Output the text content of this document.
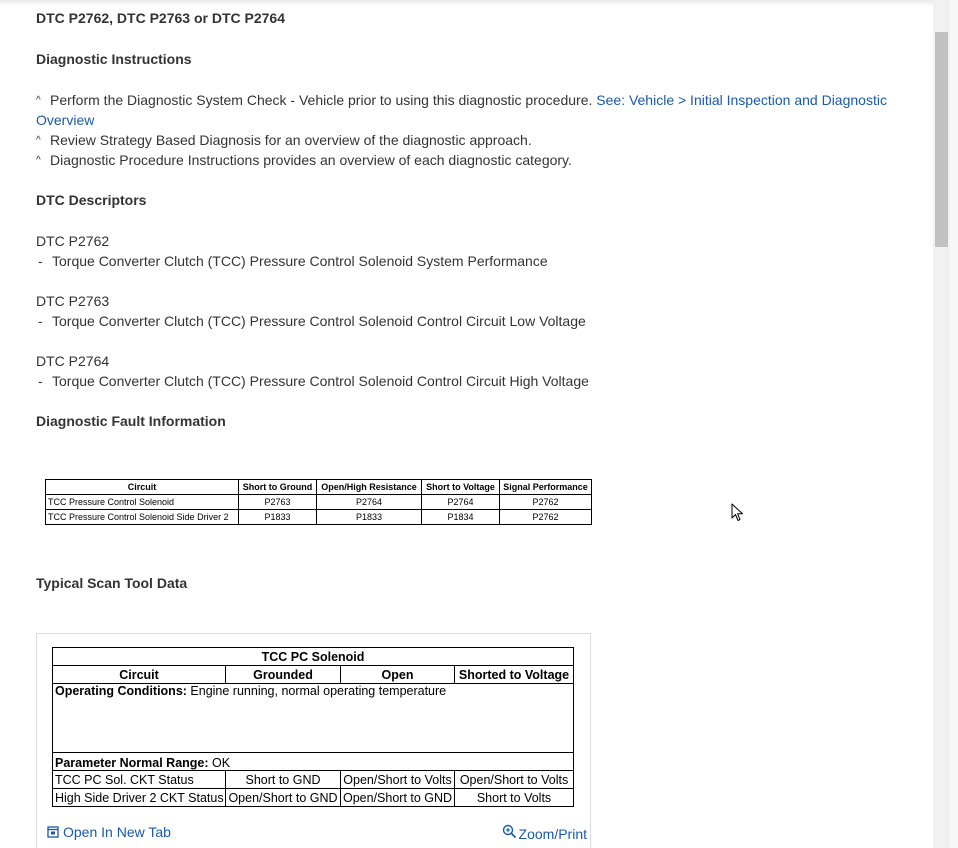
DTC P2762, DTC P2763 or DTC P2764
Diagnostic Instructions
^ Perform the Diagnostic System Check - Vehicle prior to using this diagnostic procedure. See: Vehicle > Initial Inspection and Diagnostic
Overview
^ Review Strategy Based Diagnosis for an overview of the diagnostic approach.
^ Diagnostic Procedure Instructions provides an overview of each diagnostic category.
DTC Descriptors
DTC P2762
- Torque Converter Clutch (TCC) Pressure Control Solenoid System Performance
DTC P2763
- Torque Converter Clutch (TCC) Pressure Control Solenoid Control Circuit Low Voltage
DTC P2764
- Torque Converter Clutch (TCC) Pressure Control Solenoid Control Circuit High Voltage
Diagnostic Fault Information
Circuit	Short to Ground	Open/High Resistance	Short to Voltage	Signal Performance
TCC Pressure Control Solenoid	P2763	P2764	P2764	P2762
TCC Pressure Control Solenoid Side Driver 2	P1833	P1833	P1834	P2762
Typical Scan Tool Data
TCC PC Solenoid			
Circuit	Grounded	Open	Shorted to Voltage
Operating Conditions: Engine running, normal operating temperature			
Parameter Normal Range: OK			
TCC PC Sol. CKT Status	Short to GND	Open/Short to Volts	Open/Short to Volts
High Side Driver 2 CKT Status	Open/Short to GND	Open/Short to GND	Short to Volts
Open In New Tab	Zoom/Print
